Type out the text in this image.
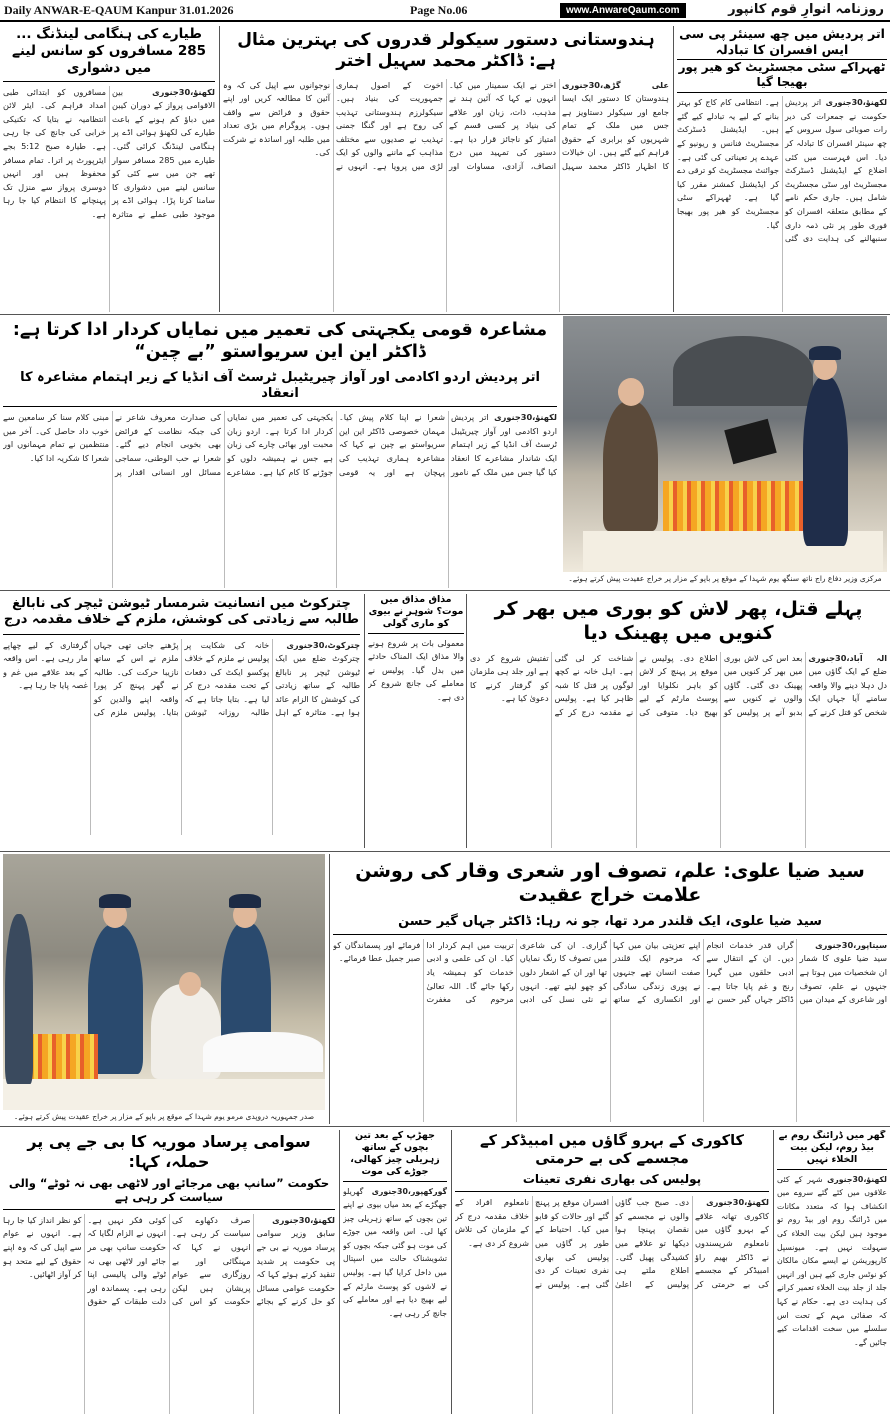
Daily ANWAR-E-QAUM Kanpur 31.01.2026	Page No.06	www.AnwareQaum.com	روزنامہ انوارِ قوم کانپور
اتر پردیش میں چھ سینئر پی سی ایس افسران کا تبادلہ
ٹھہراکے سٹی مجسٹریٹ کو ھیر پور بھیجا گیا
لکھنؤ،30جنوری اتر پردیش حکومت نے جمعرات کی دیر رات صوبائی سول سروس کے چھ سینئر افسران کا تبادلہ کر دیا۔ اس فہرست میں کئی اضلاع کے ایڈیشنل ڈسٹرکٹ مجسٹریٹ اور سٹی مجسٹریٹ شامل ہیں۔ جاری حکم نامے کے مطابق متعلقہ افسران کو فوری طور پر نئی ذمہ داری سنبھالنے کی ہدایت دی گئی ہے۔ انتظامی کام کاج کو بہتر بنانے کے لیے یہ تبادلے کیے گئے ہیں۔ ایڈیشنل ڈسٹرکٹ مجسٹریٹ فنانس و ریونیو کے عہدے پر تعیناتی کی گئی ہے۔ جوائنٹ مجسٹریٹ کو ترقی دے کر ایڈیشنل کمشنر مقرر کیا گیا ہے۔ ٹھہراکے سٹی مجسٹریٹ کو ھیر پور بھیجا گیا۔
ہندوستانی دستور سیکولر قدروں کی بہترین مثال ہے: ڈاکٹر محمد سہیل اختر
علی گڑھ،30جنوری ہندوستان کا دستور ایک ایسا جامع اور سیکولر دستاویز ہے جس میں ملک کے تمام شہریوں کو برابری کے حقوق فراہم کیے گئے ہیں۔ ان خیالات کا اظہار ڈاکٹر محمد سہیل اختر نے ایک سمینار میں کیا۔ انہوں نے کہا کہ آئین ہند نے مذہب، ذات، زبان اور علاقے کی بنیاد پر کسی قسم کے امتیاز کو ناجائز قرار دیا ہے۔ دستور کی تمہید میں درج انصاف، آزادی، مساوات اور اخوت کے اصول ہماری جمہوریت کی بنیاد ہیں۔ سیکولرزم ہندوستانی تہذیب کی روح ہے اور گنگا جمنی تہذیب نے صدیوں سے مختلف مذاہب کے ماننے والوں کو ایک لڑی میں پرویا ہے۔ انہوں نے نوجوانوں سے اپیل کی کہ وہ آئین کا مطالعہ کریں اور اپنے حقوق و فرائض سے واقف ہوں۔ پروگرام میں بڑی تعداد میں طلبہ اور اساتذہ نے شرکت کی۔
طیارے کی ہنگامی لینڈنگ ... 285 مسافروں کو سانس لینے میں دشواری
لکھنؤ،30جنوری بین الاقوامی پرواز کے دوران کیبن میں دباؤ کم ہونے کے باعث طیارے کی لکھنؤ ہوائی اڈے پر ہنگامی لینڈنگ کرائی گئی۔ طیارے میں 285 مسافر سوار تھے جن میں سے کئی کو سانس لینے میں دشواری کا سامنا کرنا پڑا۔ ہوائی اڈے پر موجود طبی عملے نے متاثرہ مسافروں کو ابتدائی طبی امداد فراہم کی۔ ایئر لائن انتظامیہ نے بتایا کہ تکنیکی خرابی کی جانچ کی جا رہی ہے۔ طیارہ صبح 5:12 بجے ایئرپورٹ پر اترا۔ تمام مسافر محفوظ ہیں اور انہیں دوسری پرواز سے منزل تک پہنچانے کا انتظام کیا جا رہا ہے۔
مرکزی وزیر دفاع راج ناتھ سنگھ یوم شہدا کے موقع پر باپو کے مزار پر خراج عقیدت پیش کرتے ہوئے۔
مشاعرہ قومی یکجہتی کی تعمیر میں نمایاں کردار ادا کرتا ہے: ڈاکٹر این این سریواستو ”بے چین“
اتر پردیش اردو اکادمی اور آواز چیریٹیبل ٹرسٹ آف انڈیا کے زیر اہتمام مشاعرہ کا انعقاد
لکھنؤ،30جنوری اتر پردیش اردو اکادمی اور آواز چیریٹیبل ٹرسٹ آف انڈیا کے زیر اہتمام ایک شاندار مشاعرے کا انعقاد کیا گیا جس میں ملک کے نامور شعرا نے اپنا کلام پیش کیا۔ مہمان خصوصی ڈاکٹر این این سریواستو بے چین نے کہا کہ مشاعرہ ہماری تہذیب کی پہچان ہے اور یہ قومی یکجہتی کی تعمیر میں نمایاں کردار ادا کرتا ہے۔ اردو زبان محبت اور بھائی چارے کی زبان ہے جس نے ہمیشہ دلوں کو جوڑنے کا کام کیا ہے۔ مشاعرے کی صدارت معروف شاعر نے کی جبکہ نظامت کے فرائض بھی بخوبی انجام دیے گئے۔ شعرا نے حب الوطنی، سماجی مسائل اور انسانی اقدار پر مبنی کلام سنا کر سامعین سے خوب داد حاصل کی۔ آخر میں منتظمین نے تمام مہمانوں اور شعرا کا شکریہ ادا کیا۔
پہلے قتل، پھر لاش کو بوری میں بھر کر کنویں میں پھینک دیا
الہ آباد،30جنوری ضلع کے ایک گاؤں میں دل دہلا دینے والا واقعہ سامنے آیا جہاں ایک شخص کو قتل کرنے کے بعد اس کی لاش بوری میں بھر کر کنویں میں پھینک دی گئی۔ گاؤں والوں نے کنویں سے بدبو آنے پر پولیس کو اطلاع دی۔ پولیس نے موقع پر پہنچ کر لاش کو باہر نکلوایا اور پوسٹ مارٹم کے لیے بھیج دیا۔ متوفی کی شناخت کر لی گئی ہے۔ اہل خانہ نے کچھ لوگوں پر قتل کا شبہ ظاہر کیا ہے۔ پولیس نے مقدمہ درج کر کے تفتیش شروع کر دی ہے اور جلد ہی ملزمان کو گرفتار کرنے کا دعویٰ کیا ہے۔
مذاق مذاق میں موت؟ شوہر نے بیوی کو ماری گولی
معمولی بات پر شروع ہونے والا مذاق ایک المناک حادثے میں بدل گیا۔ پولیس نے معاملے کی جانچ شروع کر دی ہے۔
چترکوٹ میں انسانیت شرمسار ٹیوشن ٹیچر کی نابالغ طالبہ سے زیادتی کی کوشش، ملزم کے خلاف مقدمہ درج
چترکوٹ،30جنوری چترکوٹ ضلع میں ایک ٹیوشن ٹیچر پر نابالغ طالبہ کے ساتھ زیادتی کی کوشش کا الزام عائد ہوا ہے۔ متاثرہ کے اہل خانہ کی شکایت پر پولیس نے ملزم کے خلاف پوکسو ایکٹ کی دفعات کے تحت مقدمہ درج کر لیا ہے۔ بتایا جاتا ہے کہ طالبہ روزانہ ٹیوشن پڑھنے جاتی تھی جہاں ملزم نے اس کے ساتھ نازیبا حرکت کی۔ طالبہ نے گھر پہنچ کر پورا واقعہ اپنے والدین کو بتایا۔ پولیس ملزم کی گرفتاری کے لیے چھاپے مار رہی ہے۔ اس واقعہ کے بعد علاقے میں غم و غصہ پایا جا رہا ہے۔
صدر جمہوریہ دروپدی مرمو یوم شہدا کے موقع پر باپو کے مزار پر خراج عقیدت پیش کرتے ہوئے۔
سید ضیا علوی: علم، تصوف اور شعری وقار کی روشن علامت خراج عقیدت
سید ضیا علوی، ایک قلندر مرد تھا، جو نہ رہا: ڈاکٹر جہاں گیر حسن
سیتاپور،30جنوری سید ضیا علوی کا شمار ان شخصیات میں ہوتا ہے جنہوں نے علم، تصوف اور شاعری کے میدان میں گراں قدر خدمات انجام دیں۔ ان کے انتقال سے ادبی حلقوں میں گہرا رنج و غم پایا جاتا ہے۔ ڈاکٹر جہاں گیر حسن نے اپنے تعزیتی بیان میں کہا کہ مرحوم ایک قلندر صفت انسان تھے جنہوں نے پوری زندگی سادگی اور انکساری کے ساتھ گزاری۔ ان کی شاعری میں تصوف کا رنگ نمایاں تھا اور ان کے اشعار دلوں کو چھو لیتے تھے۔ انہوں نے نئی نسل کی ادبی تربیت میں اہم کردار ادا کیا۔ ان کی علمی و ادبی خدمات کو ہمیشہ یاد رکھا جائے گا۔ اللہ تعالیٰ مرحوم کی مغفرت فرمائے اور پسماندگان کو صبر جمیل عطا فرمائے۔
گھر میں ڈرائنگ روم بے بیڈ روم، لیکن بیت الخلاء نہیں
لکھنؤ،30جنوری شہر کے کئی علاقوں میں کئے گئے سروے میں انکشاف ہوا کہ متعدد مکانات میں ڈرائنگ روم اور بیڈ روم تو موجود ہیں لیکن بیت الخلاء کی سہولت نہیں ہے۔ میونسپل کارپوریشن نے ایسے مکان مالکان کو نوٹس جاری کیے ہیں اور انہیں جلد از جلد بیت الخلاء تعمیر کرانے کی ہدایت دی ہے۔ حکام نے کہا کہ صفائی مہم کے تحت اس سلسلے میں سخت اقدامات کیے جائیں گے۔
کاکوری کے بہرو گاؤں میں امبیڈکر کے مجسمے کی بے حرمتی
پولیس کی بھاری نفری تعینات
لکھنؤ،30جنوری کاکوری تھانہ علاقے کے بہرو گاؤں میں نامعلوم شرپسندوں نے ڈاکٹر بھیم راؤ امبیڈکر کے مجسمے کی بے حرمتی کر دی۔ صبح جب گاؤں والوں نے مجسمے کو نقصان پہنچا ہوا دیکھا تو علاقے میں کشیدگی پھیل گئی۔ اطلاع ملتے ہی پولیس کے اعلیٰ افسران موقع پر پہنچ گئے اور حالات کو قابو میں کیا۔ احتیاط کے طور پر گاؤں میں پولیس کی بھاری نفری تعینات کر دی گئی ہے۔ پولیس نے نامعلوم افراد کے خلاف مقدمہ درج کر کے ملزمان کی تلاش شروع کر دی ہے۔
جھڑپ کے بعد تین بچوں کے ساتھ زہریلی چیز کھالی، جوڑے کی موت
گورکھپور،30جنوری گھریلو جھگڑے کے بعد میاں بیوی نے اپنے تین بچوں کے ساتھ زہریلی چیز کھا لی۔ اس واقعہ میں جوڑے کی موت ہو گئی جبکہ بچوں کو تشویشناک حالت میں اسپتال میں داخل کرایا گیا ہے۔ پولیس نے لاشوں کو پوسٹ مارٹم کے لیے بھیج دیا ہے اور معاملے کی جانچ کر رہی ہے۔
سوامی پرساد موریہ کا بی جے پی پر حملہ، کہا:
حکومت ”سانپ بھی مرجائے اور لاٹھی بھی نہ ٹوٹے“ والی سیاست کر رہی ہے
لکھنؤ،30جنوری سابق وزیر سوامی پرساد موریہ نے بی جے پی حکومت پر شدید تنقید کرتے ہوئے کہا کہ حکومت عوامی مسائل کو حل کرنے کے بجائے صرف دکھاوے کی سیاست کر رہی ہے۔ انہوں نے کہا کہ مہنگائی اور بے روزگاری سے عوام پریشان ہیں لیکن حکومت کو اس کی کوئی فکر نہیں ہے۔ انہوں نے الزام لگایا کہ حکومت سانپ بھی مر جائے اور لاٹھی بھی نہ ٹوٹے والی پالیسی اپنا رہی ہے۔ پسماندہ اور دلت طبقات کے حقوق کو نظر انداز کیا جا رہا ہے۔ انہوں نے عوام سے اپیل کی کہ وہ اپنے حقوق کے لیے متحد ہو کر آواز اٹھائیں۔
